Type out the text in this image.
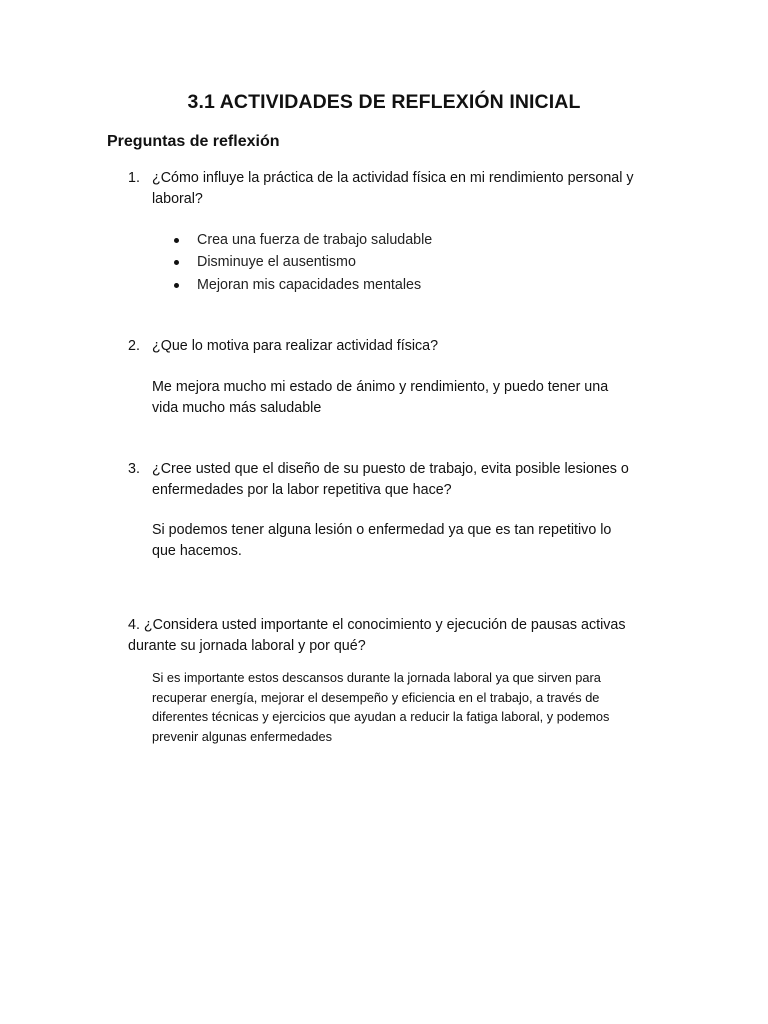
3.1 ACTIVIDADES DE REFLEXIÓN INICIAL
Preguntas de reflexión
1. ¿Cómo influye la práctica de la actividad física en mi rendimiento personal y
laboral?
Crea una fuerza de trabajo saludable
Disminuye el ausentismo
Mejoran mis capacidades mentales
2. ¿Que lo motiva para realizar actividad física?
Me mejora mucho mi estado de ánimo y rendimiento, y puedo tener una
vida mucho más saludable
3. ¿Cree usted que el diseño de su puesto de trabajo, evita posible lesiones o
enfermedades por la labor repetitiva que hace?
Si podemos tener alguna lesión o enfermedad ya que es tan repetitivo lo
que hacemos.
4. ¿Considera usted importante el conocimiento y ejecución de pausas activas
durante su jornada laboral y por qué?
Si es importante estos descansos durante la jornada laboral ya que sirven para
recuperar energía, mejorar el desempeño y eficiencia en el trabajo, a través de
diferentes técnicas y ejercicios que ayudan a reducir la fatiga laboral, y podemos
prevenir algunas enfermedades
